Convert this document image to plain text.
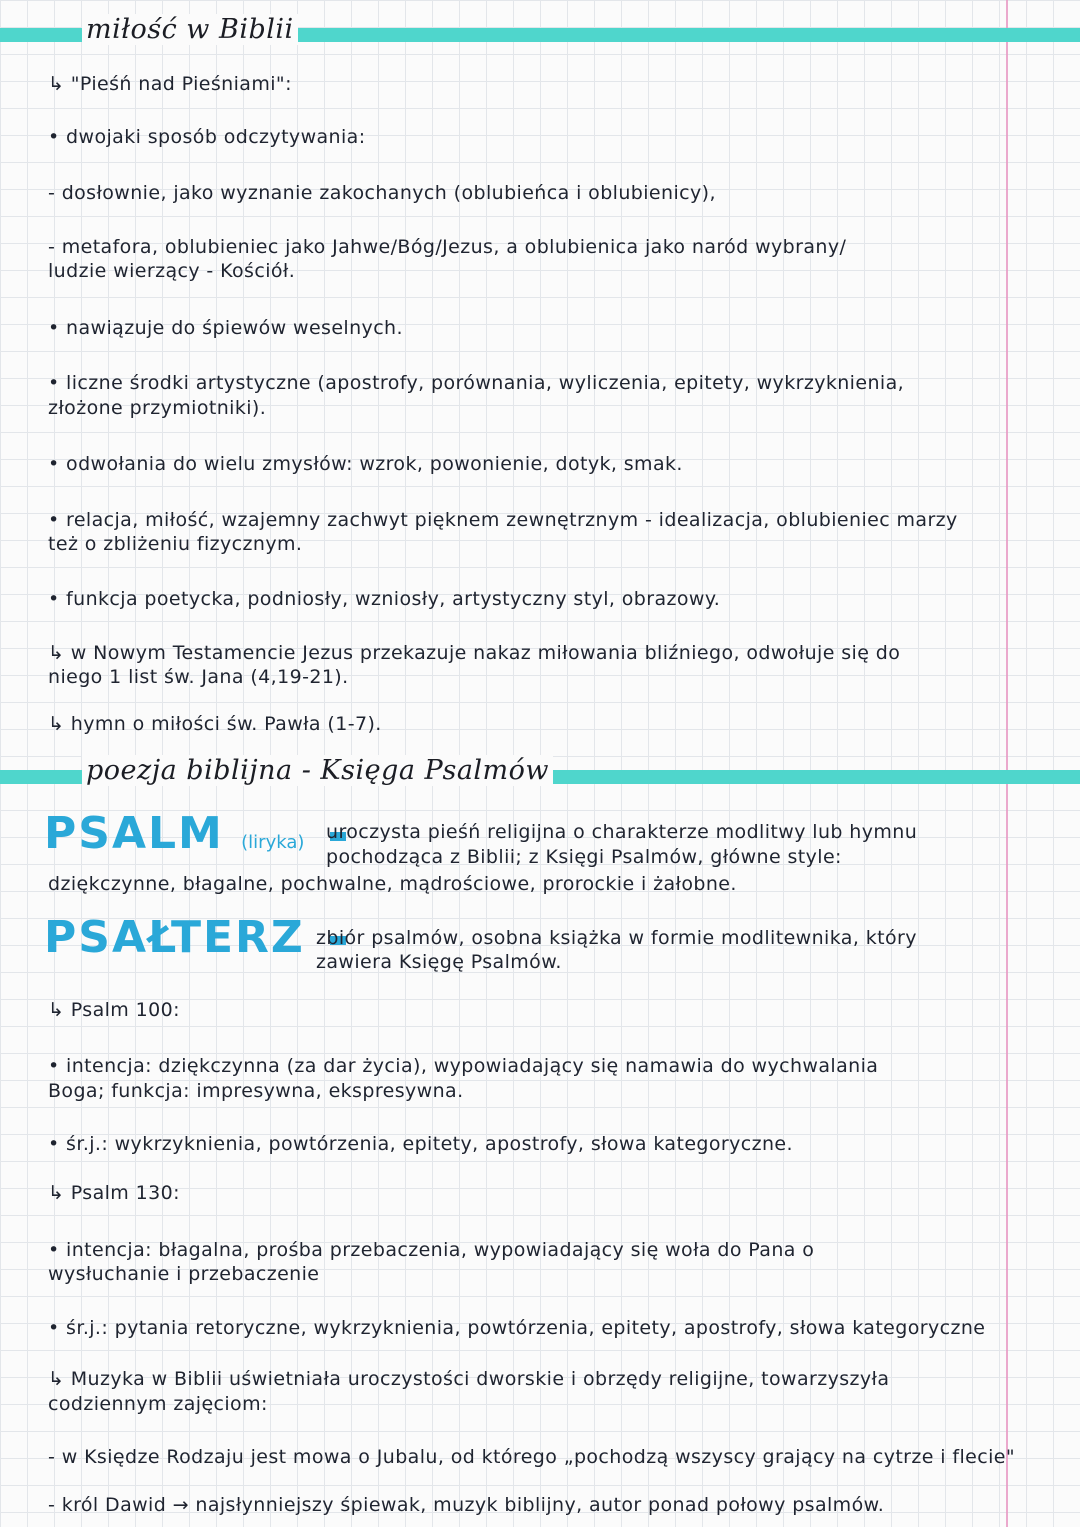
miłość w Biblii
↳ "Pieśń nad Pieśniami":
• dwojaki sposób odczytywania:
- dosłownie, jako wyznanie zakochanych (oblubieńca i oblubienicy),
- metafora, oblubieniec jako Jahwe/Bóg/Jezus, a oblubienica jako naród wybrany/
ludzie wierzący - Kościół.
• nawiązuje do śpiewów weselnych.
• liczne środki artystyczne (apostrofy, porównania, wyliczenia, epitety, wykrzyknienia,
złożone przymiotniki).
• odwołania do wielu zmysłów: wzrok, powonienie, dotyk, smak.
• relacja, miłość, wzajemny zachwyt pięknem zewnętrznym - idealizacja, oblubieniec marzy
też o zbliżeniu fizycznym.
• funkcja poetycka, podniosły, wzniosły, artystyczny styl, obrazowy.
↳ w Nowym Testamencie Jezus przekazuje nakaz miłowania bliźniego, odwołuje się do
niego 1 list św. Jana (4,19-21).
↳ hymn o miłości św. Pawła (1-7).
poezja biblijna - Księga Psalmów
PSALM (liryka)	uroczysta pieśń religijna o charakterze modlitwy lub hymnu
pochodząca z Biblii; z Księgi Psalmów, główne style:
dziękczynne, błagalne, pochwalne, mądrościowe, prorockie i żałobne.
PSAŁTERZ zbiór psalmów, osobna książka w formie modlitewnika, który
zawiera Księgę Psalmów.
↳ Psalm 100:
• intencja: dziękczynna (za dar życia), wypowiadający się namawia do wychwalania
Boga; funkcja: impresywna, ekspresywna.
• śr.j.: wykrzyknienia, powtórzenia, epitety, apostrofy, słowa kategoryczne.
↳ Psalm 130:
• intencja: błagalna, prośba przebaczenia, wypowiadający się woła do Pana o
wysłuchanie i przebaczenie
• śr.j.: pytania retoryczne, wykrzyknienia, powtórzenia, epitety, apostrofy, słowa kategoryczne
↳ Muzyka w Biblii uświetniała uroczystości dworskie i obrzędy religijne, towarzyszyła
codziennym zajęciom:
- w Księdze Rodzaju jest mowa o Jubalu, od którego „pochodzą wszyscy grający na cytrze i flecie"
- król Dawid → najsłynniejszy śpiewak, muzyk biblijny, autor ponad połowy psalmów.
